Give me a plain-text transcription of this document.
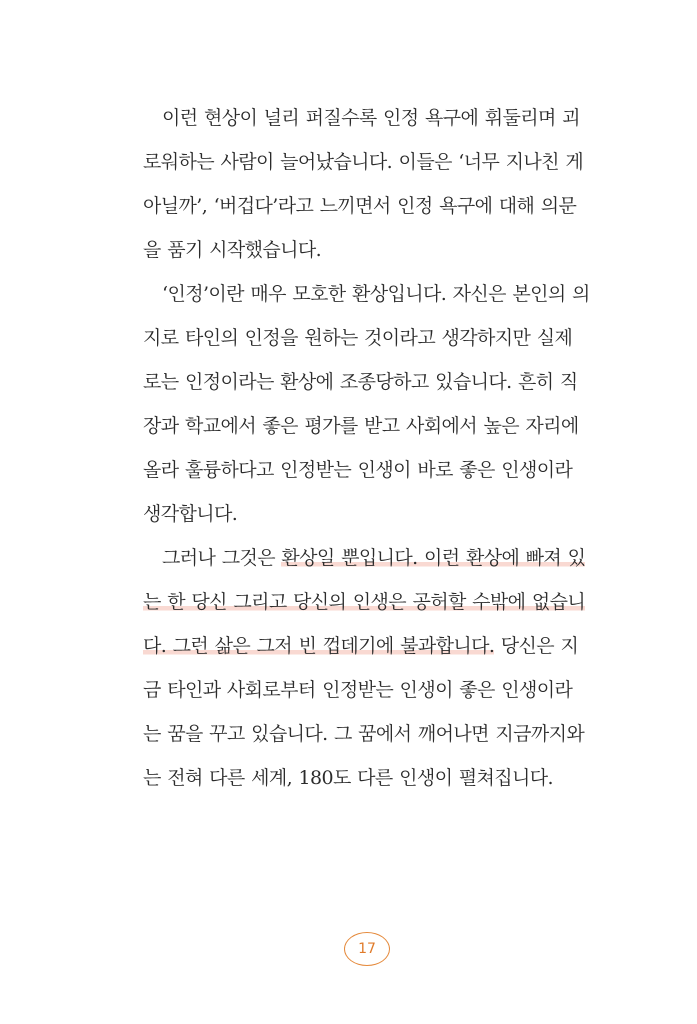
이런 현상이 널리 퍼질수록 인정 욕구에 휘둘리며 괴
로워하는 사람이 늘어났습니다. 이들은 ‘너무 지나친 게
아닐까’, ‘버겁다’라고 느끼면서 인정 욕구에 대해 의문
을 품기 시작했습니다.
‘인정’이란 매우 모호한 환상입니다. 자신은 본인의 의
지로 타인의 인정을 원하는 것이라고 생각하지만 실제
로는 인정이라는 환상에 조종당하고 있습니다. 흔히 직
장과 학교에서 좋은 평가를 받고 사회에서 높은 자리에
올라 훌륭하다고 인정받는 인생이 바로 좋은 인생이라
생각합니다.
그러나 그것은 환상일 뿐입니다. 이런 환상에 빠져 있
는 한 당신 그리고 당신의 인생은 공허할 수밖에 없습니
다. 그런 삶은 그저 빈 껍데기에 불과합니다. 당신은 지
금 타인과 사회로부터 인정받는 인생이 좋은 인생이라
는 꿈을 꾸고 있습니다. 그 꿈에서 깨어나면 지금까지와
는 전혀 다른 세계, 180도 다른 인생이 펼쳐집니다.
17
